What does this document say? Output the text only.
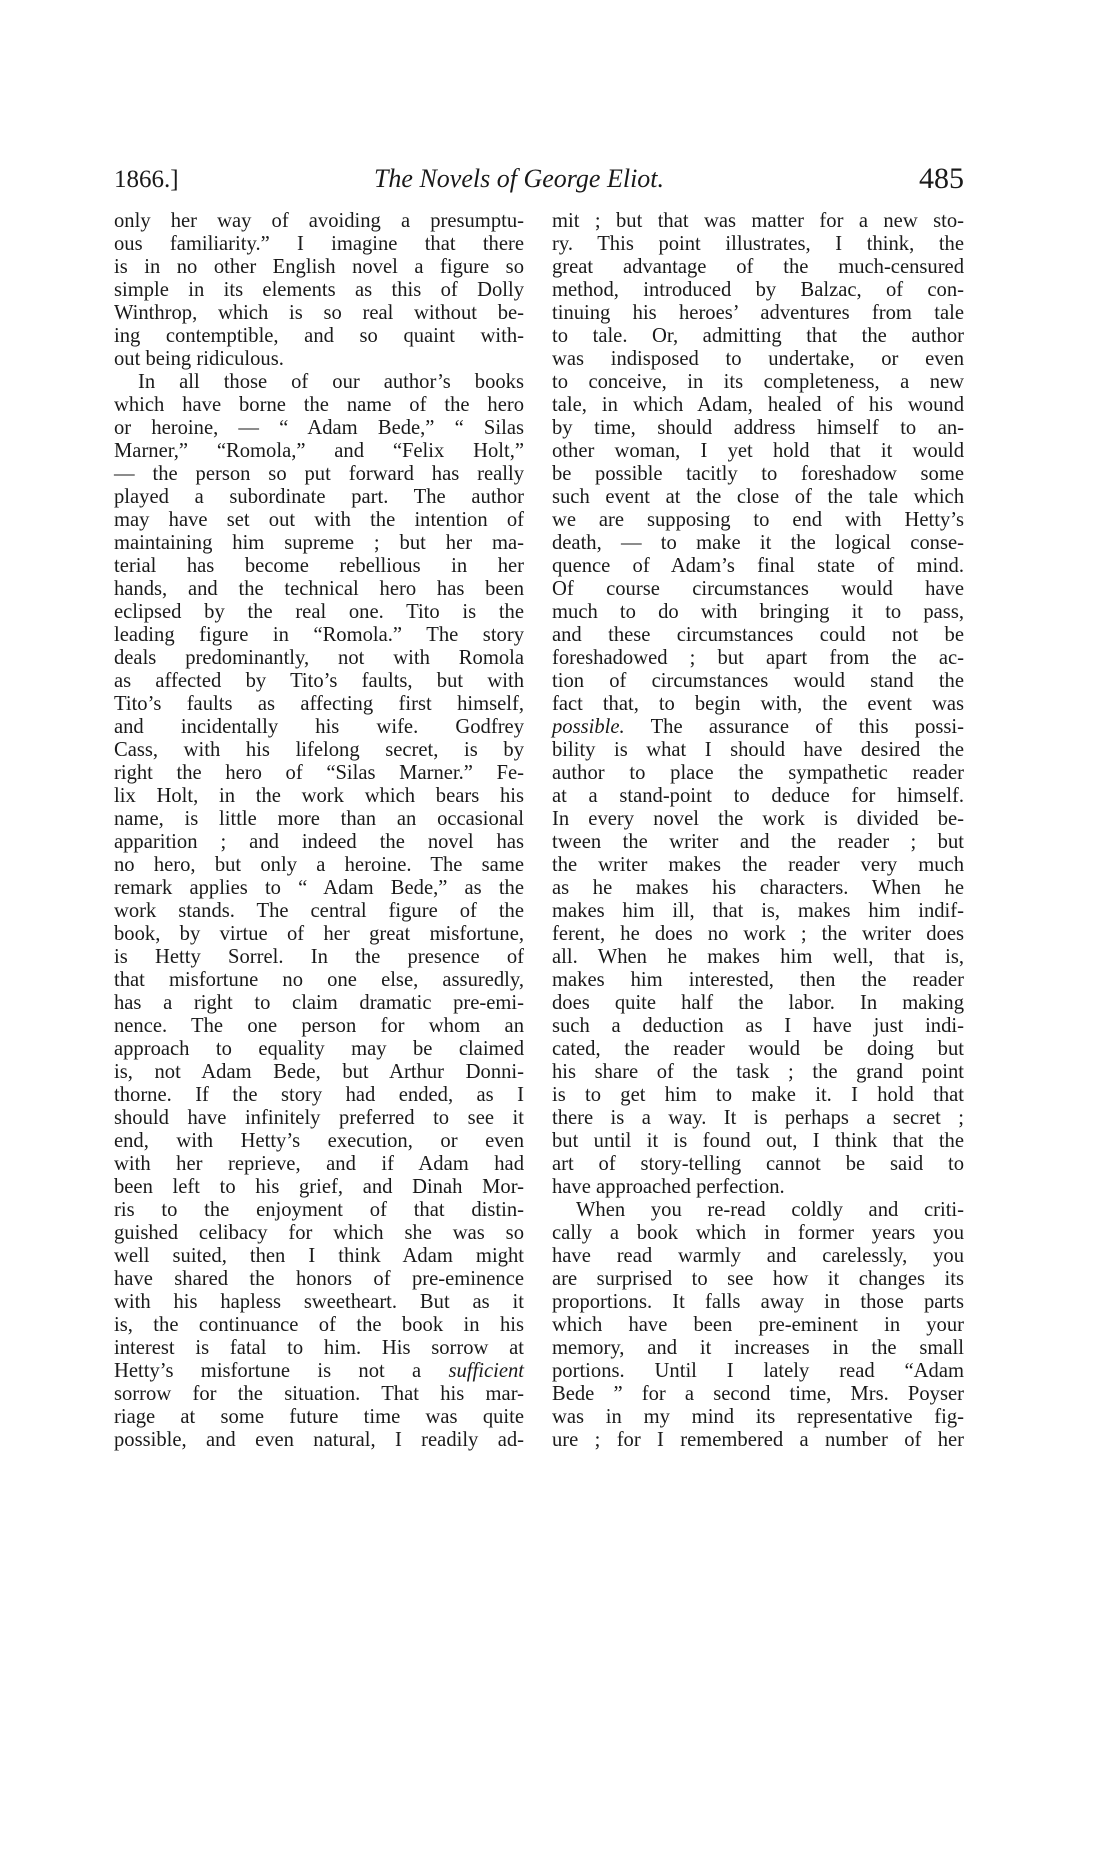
1866.]	The Novels of George Eliot.	485
only her way of avoiding a presumptu-
ous familiarity.” I imagine that there
is in no other English novel a figure so
simple in its elements as this of Dolly
Winthrop, which is so real without be-
ing contemptible, and so quaint with-
out being ridiculous.
In all those of our author’s books
which have borne the name of the hero
or heroine, — “ Adam Bede,” “ Silas
Marner,” “Romola,” and “Felix Holt,”
— the person so put forward has really
played a subordinate part. The author
may have set out with the intention of
maintaining him supreme ; but her ma-
terial has become rebellious in her
hands, and the technical hero has been
eclipsed by the real one. Tito is the
leading figure in “Romola.” The story
deals predominantly, not with Romola
as affected by Tito’s faults, but with
Tito’s faults as affecting first himself,
and incidentally his wife. Godfrey
Cass, with his lifelong secret, is by
right the hero of “Silas Marner.” Fe-
lix Holt, in the work which bears his
name, is little more than an occasional
apparition ; and indeed the novel has
no hero, but only a heroine. The same
remark applies to “ Adam Bede,” as the
work stands. The central figure of the
book, by virtue of her great misfortune,
is Hetty Sorrel. In the presence of
that misfortune no one else, assuredly,
has a right to claim dramatic pre-emi-
nence. The one person for whom an
approach to equality may be claimed
is, not Adam Bede, but Arthur Donni-
thorne. If the story had ended, as I
should have infinitely preferred to see it
end, with Hetty’s execution, or even
with her reprieve, and if Adam had
been left to his grief, and Dinah Mor-
ris to the enjoyment of that distin-
guished celibacy for which she was so
well suited, then I think Adam might
have shared the honors of pre-eminence
with his hapless sweetheart. But as it
is, the continuance of the book in his
interest is fatal to him. His sorrow at
Hetty’s misfortune is not a sufficient
sorrow for the situation. That his mar-
riage at some future time was quite
possible, and even natural, I readily ad-
mit ; but that was matter for a new sto-
ry. This point illustrates, I think, the
great advantage of the much-censured
method, introduced by Balzac, of con-
tinuing his heroes’ adventures from tale
to tale. Or, admitting that the author
was indisposed to undertake, or even
to conceive, in its completeness, a new
tale, in which Adam, healed of his wound
by time, should address himself to an-
other woman, I yet hold that it would
be possible tacitly to foreshadow some
such event at the close of the tale which
we are supposing to end with Hetty’s
death, — to make it the logical conse-
quence of Adam’s final state of mind.
Of course circumstances would have
much to do with bringing it to pass,
and these circumstances could not be
foreshadowed ; but apart from the ac-
tion of circumstances would stand the
fact that, to begin with, the event was
possible. The assurance of this possi-
bility is what I should have desired the
author to place the sympathetic reader
at a stand-point to deduce for himself.
In every novel the work is divided be-
tween the writer and the reader ; but
the writer makes the reader very much
as he makes his characters. When he
makes him ill, that is, makes him indif-
ferent, he does no work ; the writer does
all. When he makes him well, that is,
makes him interested, then the reader
does quite half the labor. In making
such a deduction as I have just indi-
cated, the reader would be doing but
his share of the task ; the grand point
is to get him to make it. I hold that
there is a way. It is perhaps a secret ;
but until it is found out, I think that the
art of story-telling cannot be said to
have approached perfection.
When you re-read coldly and criti-
cally a book which in former years you
have read warmly and carelessly, you
are surprised to see how it changes its
proportions. It falls away in those parts
which have been pre-eminent in your
memory, and it increases in the small
portions. Until I lately read “Adam
Bede ” for a second time, Mrs. Poyser
was in my mind its representative fig-
ure ; for I remembered a number of her
